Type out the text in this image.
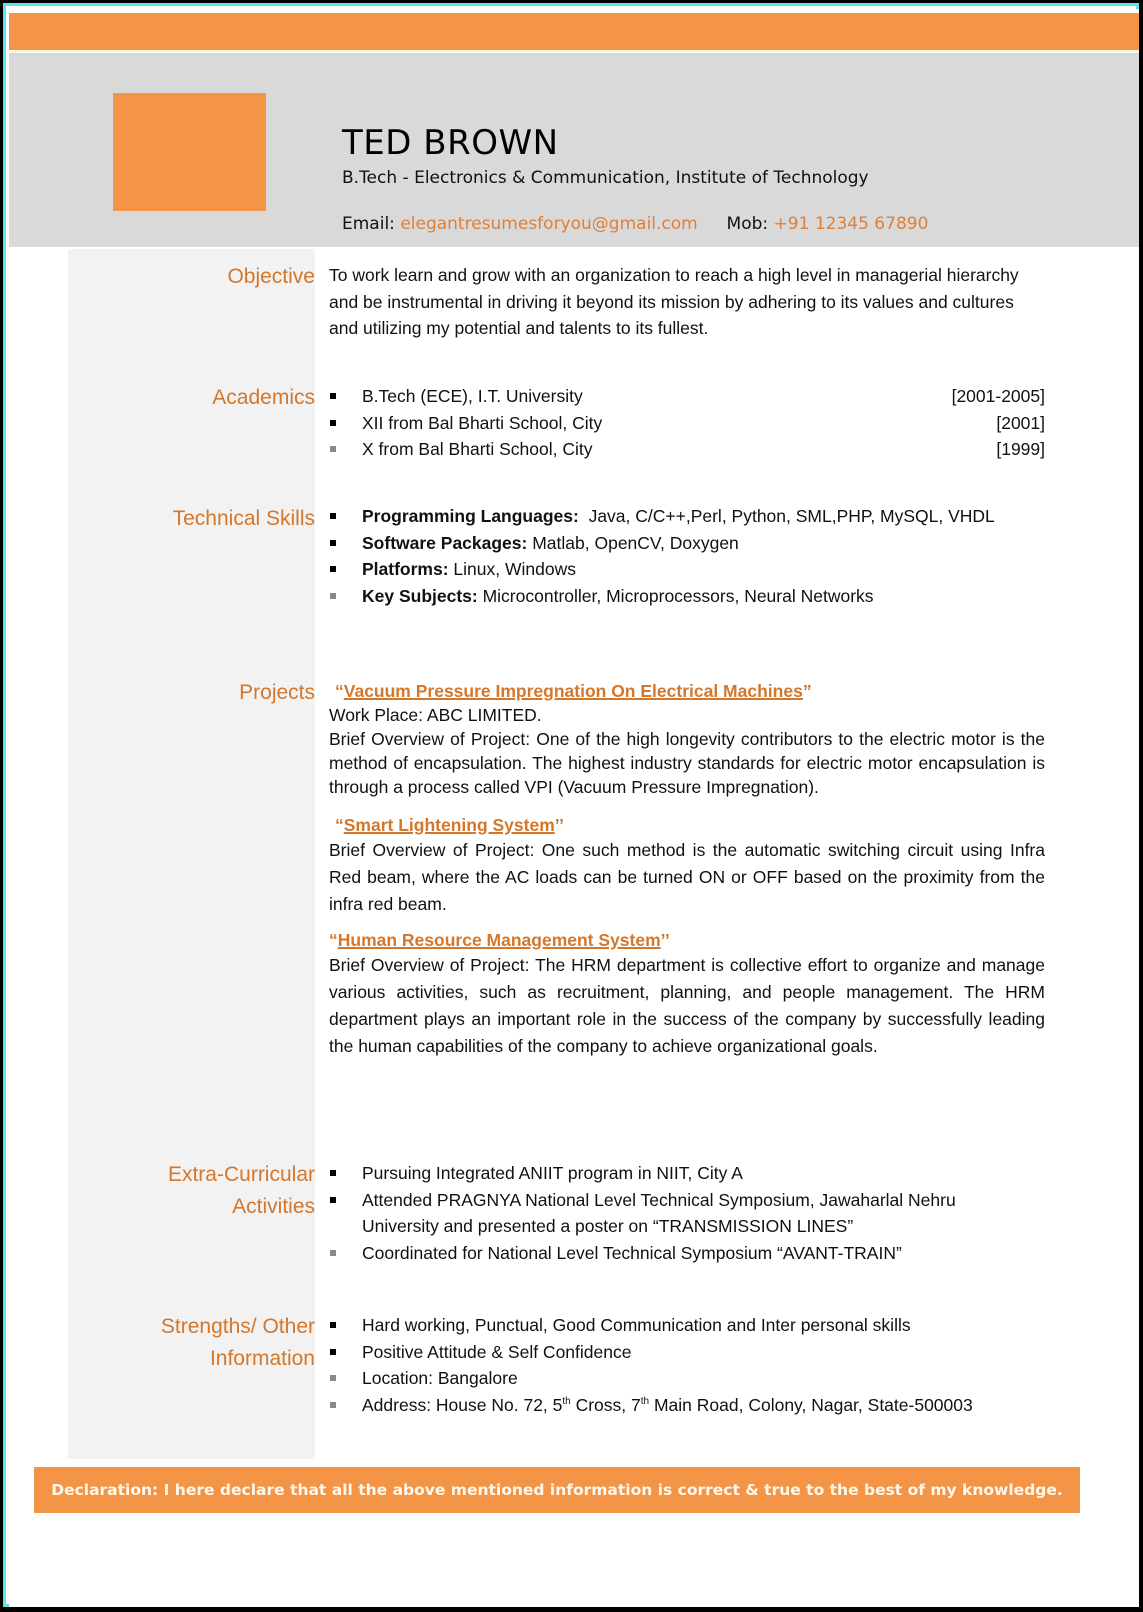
TED BROWN
B.Tech - Electronics & Communication, Institute of Technology
Email: elegantresumesforyou@gmail.com Mob: +91 12345 67890
Objective To work learn and grow with an organization to reach a high level in managerial hierarchy and be instrumental in driving it beyond its mission by adhering to its values and cultures and utilizing my potential and talents to its fullest.
Academics	B.Tech (ECE), I.T. University	[2001-2005]
XII from Bal Bharti School, City	[2001]
X from Bal Bharti School, City	[1999]
Technical Skills	Programming Languages:  Java, C/C++,Perl, Python, SML,PHP, MySQL, VHDL
Software Packages: Matlab, OpenCV, Doxygen
Platforms: Linux, Windows
Key Subjects: Microcontroller, Microprocessors, Neural Networks
Projects	“Vacuum Pressure Impregnation On Electrical Machines”
Work Place: ABC LIMITED.
Brief Overview of Project: One of the high longevity contributors to the electric motor is the method of encapsulation. The highest industry standards for electric motor encapsulation is through a process called VPI (Vacuum Pressure Impregnation).
“Smart Lightening System’’
Brief Overview of Project: One such method is the automatic switching circuit using Infra Red beam, where the AC loads can be turned ON or OFF based on the proximity from the infra red beam.
“Human Resource Management System’’
Brief Overview of Project: The HRM department is collective effort to organize and manage various activities, such as recruitment, planning, and people management. The HRM department plays an important role in the success of the company by successfully leading the human capabilities of the company to achieve organizational goals.
Extra-Curricular
Activities
Pursuing Integrated ANIIT program in NIIT, City A
Attended PRAGNYA National Level Technical Symposium, Jawaharlal Nehru University and presented a poster on “TRANSMISSION LINES”
Coordinated for National Level Technical Symposium “AVANT-TRAIN”
Strengths/ Other
Information
Hard working, Punctual, Good Communication and Inter personal skills
Positive Attitude & Self Confidence
Location: Bangalore
Address: House No. 72, 5th Cross, 7th Main Road, Colony, Nagar, State-500003
Declaration: I here declare that all the above mentioned information is correct & true to the best of my knowledge.
